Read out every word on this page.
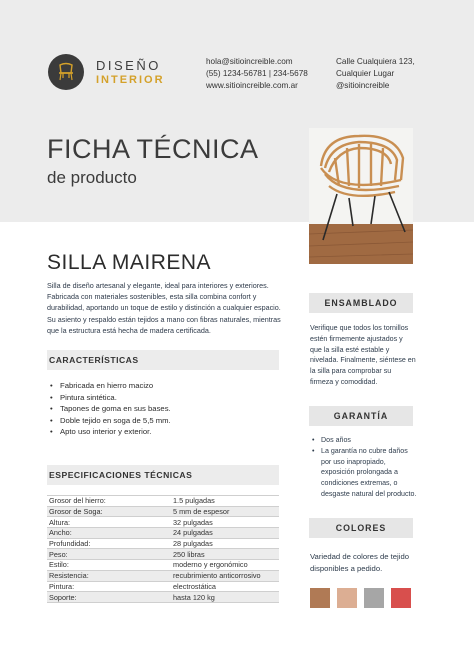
DISEÑO
INTERIOR
hola@sitioincreible.com
(55) 1234-56781 | 234-5678
www.sitioincreible.com.ar
Calle Cualquiera 123,
Cualquier Lugar
@sitioincreible
FICHA TÉCNICA
de producto
SILLA MAIRENA
Silla de diseño artesanal y elegante, ideal para interiores y exteriores. Fabricada con materiales sostenibles, esta silla combina confort y durabilidad, aportando un toque de estilo y distinción a cualquier espacio. Su asiento y respaldo están tejidos a mano con fibras naturales, mientras que la estructura está hecha de madera certificada.
CARACTERÍSTICAS
• Fabricada en hierro macizo
• Pintura sintética.
• Tapones de goma en sus bases.
• Doble tejido en soga de 5,5 mm.
• Apto uso interior y exterior.
ESPECIFICACIONES TÉCNICAS
Grosor del hierro:	1.5 pulgadas
Grosor de Soga:	5 mm de espesor
Altura:	32 pulgadas
Ancho:	24 pulgadas
Profundidad:	28 pulgadas
Peso:	250 libras
Estilo:	moderno y ergonómico
Resistencia:	recubrimiento anticorrosivo
Pintura:	electrostática
Soporte:	hasta 120 kg
ENSAMBLADO
Verifique que todos los tornillos estén firmemente ajustados y que la silla esté estable y nivelada. Finalmente, siéntese en la silla para comprobar su firmeza y comodidad.
GARANTÍA
• Dos años
• La garantía no cubre daños por uso inapropiado, exposición prolongada a condiciones extremas, o desgaste natural del producto.
COLORES
Variedad de colores de tejido disponibles a pedido.
